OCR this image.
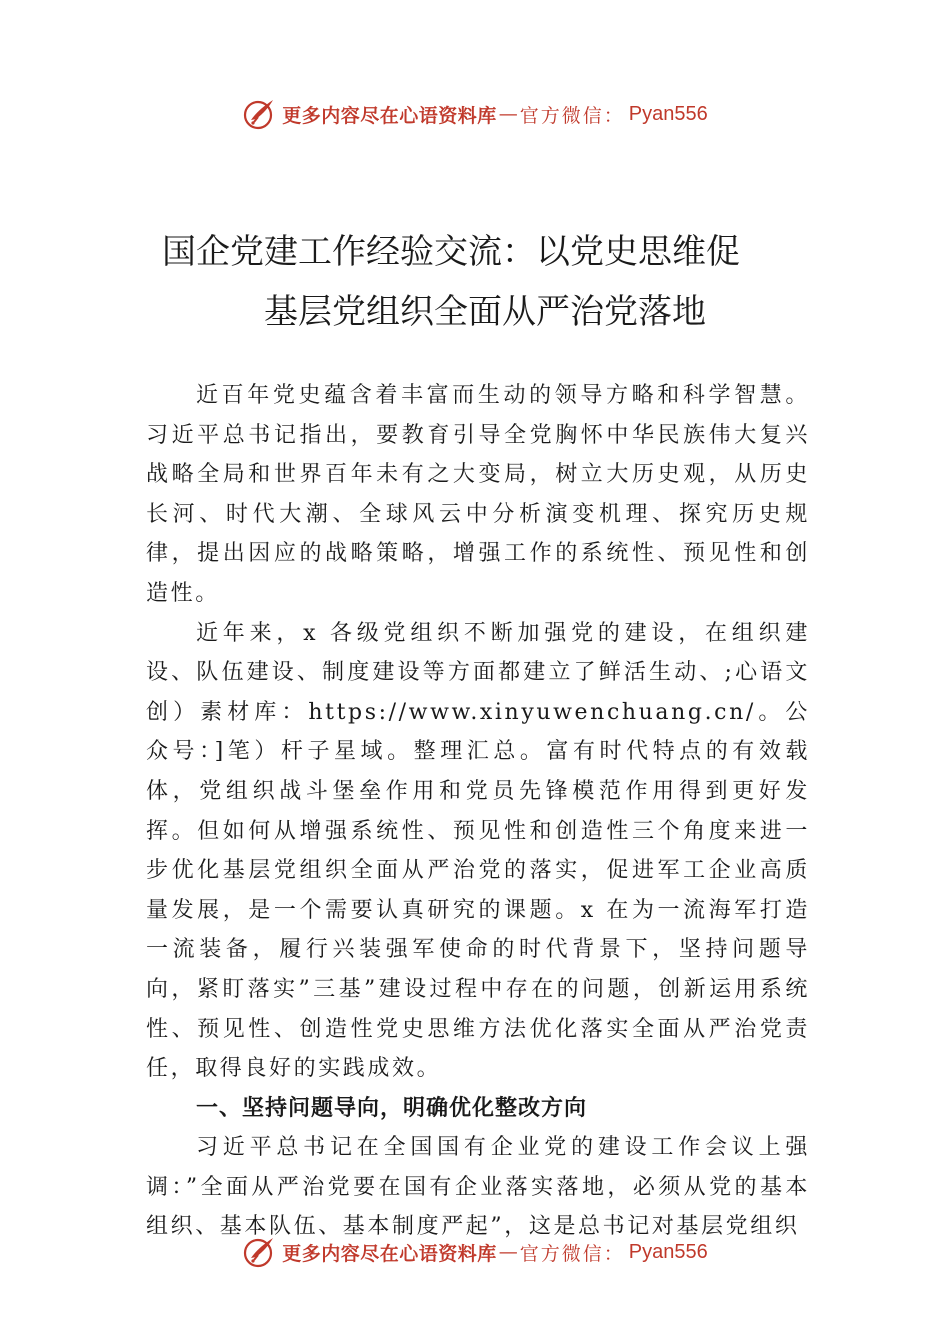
更多内容尽在心语资料库 — 官方微信： Pyan556
国企党建工作经验交流：以党史思维促
基层党组织全面从严治党落地

近百年党史蕴含着丰富而生动的领导方略和科学智慧。习近平总书记指出，要教育引导全党胸怀中华民族伟大复兴战略全局和世界百年未有之大变局，树立大历史观，从历史长河、时代大潮、全球风云中分析演变机理、探究历史规律，提出因应的战略策略，增强工作的系统性、预见性和创造性。

近年来，x 各级党组织不断加强党的建设，在组织建设、队伍建设、制度建设等方面都建立了鲜活生动、;心语文创）素材库：https://www.xinyuwenchuang.cn/。公众号：]笔）杆子星域。整理汇总。富有时代特点的有效载体，党组织战斗堡垒作用和党员先锋模范作用得到更好发挥。但如何从增强系统性、预见性和创造性三个角度来进一步优化基层党组织全面从严治党的落实，促进军工企业高质量发展，是一个需要认真研究的课题。x 在为一流海军打造一流装备，履行兴装强军使命的时代背景下，坚持问题导向，紧盯落实”三基”建设过程中存在的问题，创新运用系统性、预见性、创造性党史思维方法优化落实全面从严治党责任，取得良好的实践成效。

一、坚持问题导向，明确优化整改方向

习近平总书记在全国国有企业党的建设工作会议上强调：”全面从严治党要在国有企业落实落地，必须从党的基本组织、基本队伍、基本制度严起”，这是总书记对基层党组织

更多内容尽在心语资料库 — 官方微信： Pyan556
